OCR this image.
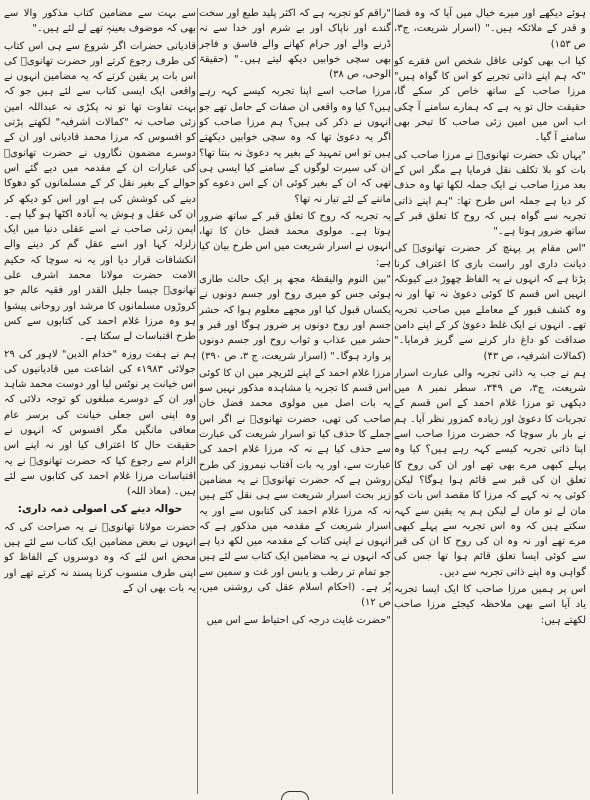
ہوئے دیکھے اور میرے خیال میں آیا کہ وہ قضا و قدر کے ملائکہ ہیں۔" (اسرار شریعت، ج۳، ص ۱۵۳)

کیا اب بھی کوئی عاقل شخص اس فقرے کو "کہ ہم اپنے ذاتی تجربے کو اس کا گواہ ہیں" مرزا صاحب کے ساتھ خاص کر سکے گا، حقیقت حال تو یہ ہے کہ ہمارے سامنے آ چکی اب اس میں امین زئی صاحب کا تبحر بھی سامنے آ گیا۔

"یہاں تک حضرت تھانویؒ نے مرزا صاحب کی بات کو بلا تکلف نقل فرمایا ہے مگر اس کے بعد مرزا صاحب نے ایک جملہ لکھا تھا وہ حذف کر دیا ہے جملہ اس طرح تھا: "ہم اپنے ذاتی تجربہ سے گواہ ہیں کہ روح کا تعلق قبر کے ساتھ ضرور ہوتا ہے۔"

"اس مقام پر پہنچ کر حضرت تھانویؒ کی دیانت داری اور راست بازی کا اعتراف کرنا پڑتا ہے کہ انہوں نے یہ الفاظ چھوڑ دیے کیونکہ انہیں اس قسم کا کوئی دعویٰ نہ تھا اور نہ وہ کشف قبور کے معاملے میں صاحب تجربہ تھے۔ انہوں نے ایک غلط دعویٰ کر کے اپنے دامن صداقت کو داغ دار کرنے سے گریز فرمایا۔" (کمالات اشرفیہ، ص ۴۳)

ہم نے جب یہ ذاتی تجربہ والی عبارت اسرار شریعت، ج۳، ص ۳۴۹، سطر نمبر ۸ میں دیکھی تو مرزا غلام احمد کے اس قسم کے تجربات کا دعویٰ اور زیادہ کمزور نظر آیا۔ ہم نے بار بار سوچا کہ حضرت مرزا صاحب اسے اپنا ذاتی تجربہ کیسے کہہ رہے ہیں؟ کیا وہ پہلے کبھی مرے بھی تھے اور ان کی روح کا تعلق ان کی قبر سے قائم ہوا ہوگا؟ لیکن کوئی یہ نہ کہے کہ مرزا کا مقصد اس بات کو مان لے تو مان لے لیکن ہم یہ یقین سے کہہ سکتے ہیں کہ وہ اس تجربہ سے پہلے کبھی مرے تھے اور نہ وہ ان کی روح کا ان کی قبر سے کوئی ایسا تعلق قائم ہوا تھا جس کی گواہی وہ اپنے ذاتی تجربہ سے دیں۔

اس پر ہمیں مرزا صاحب کا ایک ایسا تجربہ یاد آیا اسے بھی ملاحظہ کیجئے مرزا صاحب لکھتے ہیں:

"راقم کو تجربہ ہے کہ اکثر پلید طبع اور سخت گندے اور ناپاک اور بے شرم اور خدا سے نہ ڈرنے والے اور حرام کھانے والے فاسق و فاجر بھی سچی خوابیں دیکھ لیتے ہیں۔" (حقیقۃ الوحی، ص ۳۸)

مرزا صاحب اسے اپنا تجربہ کیسے کہہ رہے ہیں؟ کیا وہ واقعی ان صفات کے حامل تھے جو انہوں نے ذکر کی ہیں؟ ہم مرزا صاحب کو اگر یہ دعویٰ تھا کہ وہ سچی خوابیں دیکھتے ہیں تو اس تمہید کے بغیر یہ دعویٰ نہ بنتا تھا؟ ان کی سیرت لوگوں کے سامنے کیا ایسی ہی تھی کہ ان کے بغیر کوئی ان کے اس دعوے کو ماننے کے لئے تیار نہ تھا؟

یہ تجربہ کہ روح کا تعلق قبر کے ساتھ ضرور ہوتا ہے۔ مولوی محمد فضل خان کا تھا، انہوں نے اسرار شریعت میں اس طرح بیان کیا ہے:

"بین النوم والیقظۃ مجھ پر ایک حالت طاری ہوئی جس کو میری روح اور جسم دونوں نے یکساں قبول کیا اور مجھے معلوم ہوا کہ حشر جسم اور روح دونوں پر ضرور ہوگا اور قبر و حشر میں عذاب و ثواب روح اور جسم دونوں پر وارد ہوگا۔" (اسرار شریعت، ج ۳، ص ۳۹۰)

مرزا غلام احمد کے اپنے لٹریچر میں ان کا کوئی اس قسم کا تجربہ یا مشاہدہ مذکور نہیں سو یہ بات اصل میں مولوی محمد فضل خان صاحب کی تھی، حضرت تھانویؒ نے اگر اس جملے کا حذف کیا تو اسرار شریعت کی عبارت سے حذف کیا ہے نہ کہ مرزا غلام احمد کی عبارت سے، اور یہ بات آفتاب نیمروز کی طرح روشن ہے کہ حضرت تھانویؒ نے یہ مضامین زیر بحث اسرار شریعت سے ہی نقل کئے ہیں نہ کہ مرزا غلام احمد کی کتابوں سے اور یہ اسرار شریعت کے مقدمہ میں مذکور ہے کہ انہوں نے اپنی کتاب کے مقدمہ میں لکھ دیا ہے کہ انہوں نے یہ مضامین ایک کتاب سے لئے ہیں جو تمام تر رطب و یابس اور غث و سمین سے پُر ہے۔ (احکام اسلام عقل کی روشنی میں، ص ۱۲)

"حضرت غایت درجہ کی احتیاط سے اس میں

سے بہت سے مضامین کتاب مذکور والا سے بھی کہ موضوف بعینہٖ تھے لے لئے ہیں۔"

قادیانی حضرات اگر شروع سے ہی اس کتاب کی طرف رجوع کرتے اور حضرت تھانویؒ کی اس بات پر یقین کرتے کہ یہ مضامین انہوں نے واقعی ایک ایسی کتاب سے لئے ہیں جو کہ بہت تفاوت تھا تو نہ پکڑی نہ عبداللہ امین زئی صاحب نہ "کمالات اشرفیہ" لکھتے پڑتی کو افسوس کہ مرزا محمد قادیانی اور ان کے دوسرے مضمون نگاروں نے حضرت تھانویؒ کی عبارات ان کے مقدمہ میں دیے گئے اس حوالے کے بغیر نقل کر کے مسلمانوں کو دھوکا دینے کی کوشش کی ہے اور اس کو دیکھ کر ان کی عقل و ہوش یہ آبادہ اکٹھا ہو گیا ہے۔ ایمن زئی صاحب نے اسے عقلی دنیا میں ایک زلزلہ کہا اور اسے عقل گم کر دینے والے انکشافات قرار دیا اور یہ نہ سوچا کہ حکیم الامت حضرت مولانا محمد اشرف علی تھانویؒ جیسا جلیل القدر اور فقیہ عالم جو کروڑوں مسلمانوں کا مرشد اور روحانی پیشوا ہو وہ مرزا غلام احمد کی کتابوں سے کس طرح اقتباسات لے سکتا ہے۔

ہم نے ہفت روزہ "خدام الدین" لاہور کی ۲۹ جولائی ۱۹۸۳ء کی اشاعت میں قادیانیوں کی اس خیانت پر نوٹس لیا اور دوست محمد شاہد اور ان کے دوسرے مبلغوں کو توجہ دلائی کہ وہ اپنی اس جعلی خیانت کی برسر عام معافی مانگیں مگر افسوس کہ انہوں نے حقیقت حال کا اعتراف کیا اور نہ اپنے اس الزام سے رجوع کیا کہ حضرت تھانویؒ نے یہ اقتباسات مرزا غلام احمد کی کتابوں سے لئے ہیں۔ (معاذ اللہ)

حوالہ دینے کی اصولی ذمہ داری:

حضرت مولانا تھانویؒ نے یہ صراحت کی کہ انہوں نے بعض مضامین ایک کتاب سے لئے ہیں محض اس لئے کہ وہ دوسروں کے الفاظ کو اپنی طرف منسوب کرنا پسند نہ کرتے تھے اور یہ بات بھی ان کے
